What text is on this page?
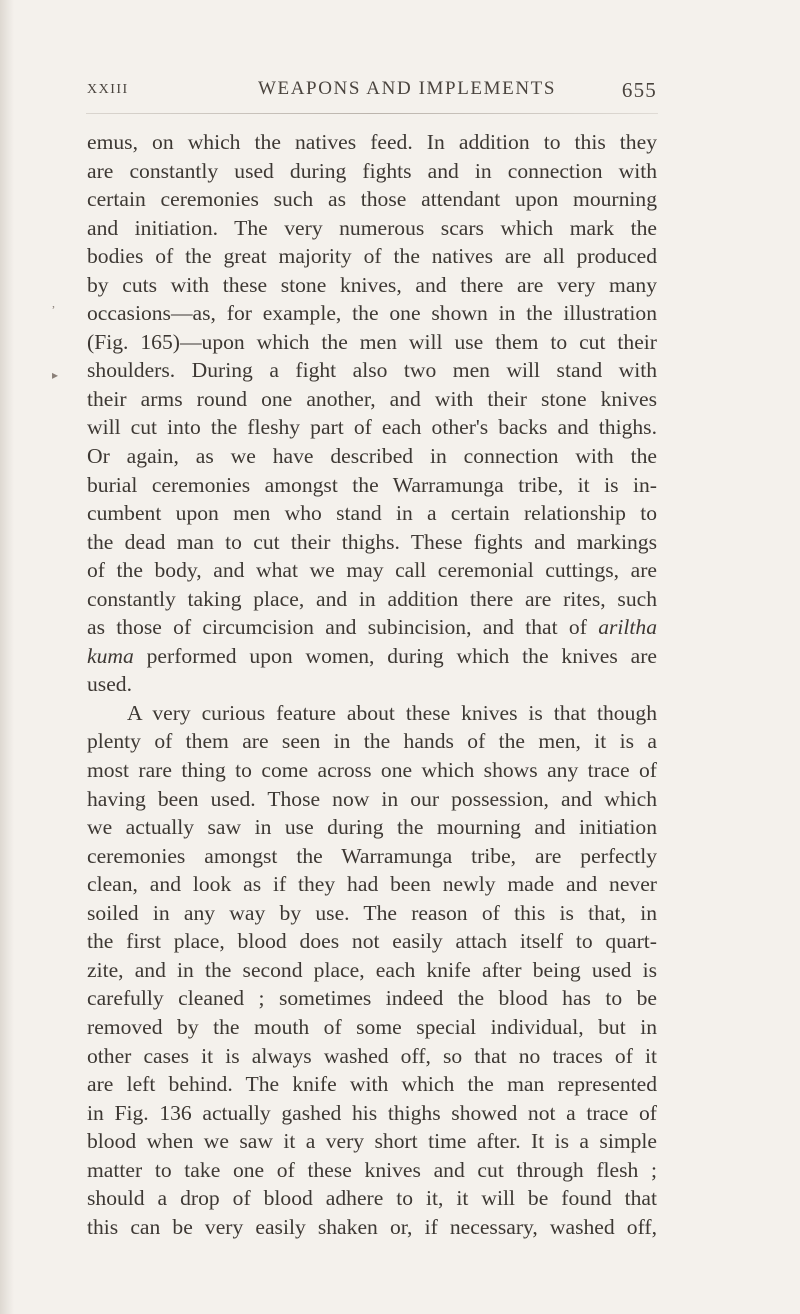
XXIII	WEAPONS AND IMPLEMENTS	655
,
▸
emus, on which the natives feed. In addition to this they
are constantly used during fights and in connection with
certain ceremonies such as those attendant upon mourning
and initiation. The very numerous scars which mark the
bodies of the great majority of the natives are all produced
by cuts with these stone knives, and there are very many
occasions—as, for example, the one shown in the illustration
(Fig. 165)—upon which the men will use them to cut their
shoulders. During a fight also two men will stand with
their arms round one another, and with their stone knives
will cut into the fleshy part of each other's backs and thighs.
Or again, as we have described in connection with the
burial ceremonies amongst the Warramunga tribe, it is in-
cumbent upon men who stand in a certain relationship to
the dead man to cut their thighs. These fights and markings
of the body, and what we may call ceremonial cuttings, are
constantly taking place, and in addition there are rites, such
as those of circumcision and subincision, and that of ariltha
kuma performed upon women, during which the knives are
used.
A very curious feature about these knives is that though
plenty of them are seen in the hands of the men, it is a
most rare thing to come across one which shows any trace of
having been used. Those now in our possession, and which
we actually saw in use during the mourning and initiation
ceremonies amongst the Warramunga tribe, are perfectly
clean, and look as if they had been newly made and never
soiled in any way by use. The reason of this is that, in
the first place, blood does not easily attach itself to quart-
zite, and in the second place, each knife after being used is
carefully cleaned ; sometimes indeed the blood has to be
removed by the mouth of some special individual, but in
other cases it is always washed off, so that no traces of it
are left behind. The knife with which the man represented
in Fig. 136 actually gashed his thighs showed not a trace of
blood when we saw it a very short time after. It is a simple
matter to take one of these knives and cut through flesh ;
should a drop of blood adhere to it, it will be found that
this can be very easily shaken or, if necessary, washed off,
